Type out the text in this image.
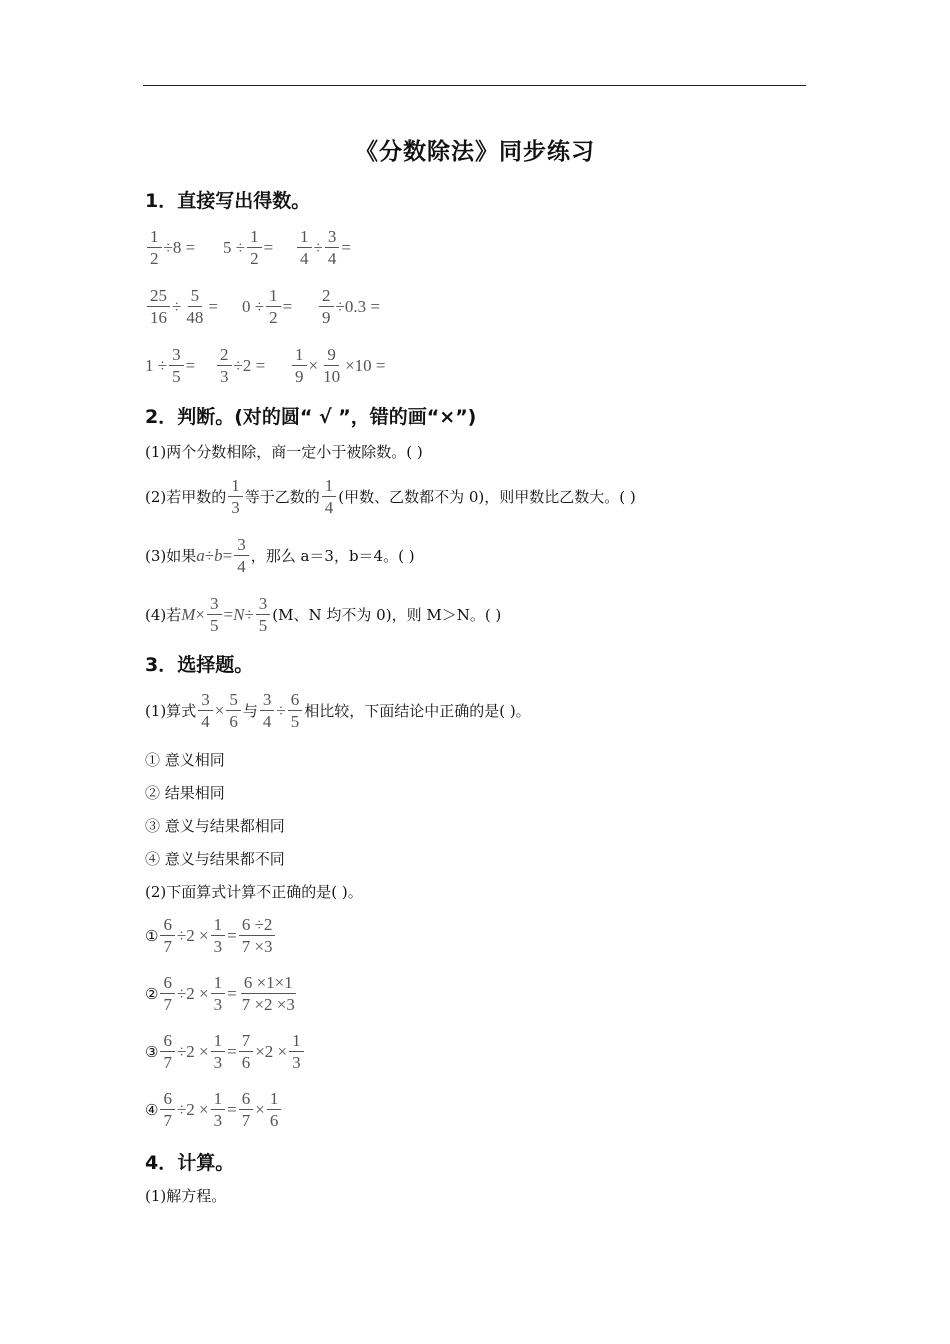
《分数除法》同步练习
1．直接写出得数。
$\frac{1}{2} \div 8 = 5 \div \frac{1}{2} = \frac{1}{4} \div \frac{3}{4}$ =
$\frac{25}{16} \div \frac{5}{48} = 0 \div \frac{1}{2} = \frac{2}{9} \div 0.3$ =
$1 \div \frac{3}{5} = \frac{2}{3} \div 2 = \frac{1}{9} \times \frac{9}{10} \times 10$ =
2．判断。(对的圆“ √ ”，错的画“×”)
(1)两个分数相除，商一定小于被除数。( )
(2)若甲数的 $\frac{1}{3}$ 等于乙数的 $\frac{1}{4}$ (甲数、乙数都不为 0)，则甲数比乙数大。( )
(3)如果 $a \div b = \frac{3}{4}$ ，那么 a＝3，b＝4。( )
(4)若 $M \times \frac{3}{5} = N \div \frac{3}{5} (M$、N 均不为 0)，则 M＞N。( )
3．选择题。
(1)算式 $\frac{3}{4} \times \frac{5}{6}$ 与 $\frac{3}{4} \div \frac{6}{5}$ 相比较，下面结论中正确的是( )。
① 意义相同
② 结果相同
③ 意义与结果都相同
④ 意义与结果都不同
(2)下面算式计算不正确的是( )。
① $\frac{6}{7} \div 2 \times \frac{1}{3} = \frac{6 \div 2}{7 \times 3}$
② $\frac{6}{7} \div 2 \times \frac{1}{3} = \frac{6 \times 1\times 1}{7 \times 2 \times 3}$
③ $\frac{6}{7} \div 2 \times \frac{1}{3} = \frac{7}{6} \times 2 \times \frac{1}{3}$
④ $\frac{6}{7} \div 2 \times \frac{1}{3} = \frac{6}{7} \times \frac{1}{6}$
4．计算。
(1)解方程。
